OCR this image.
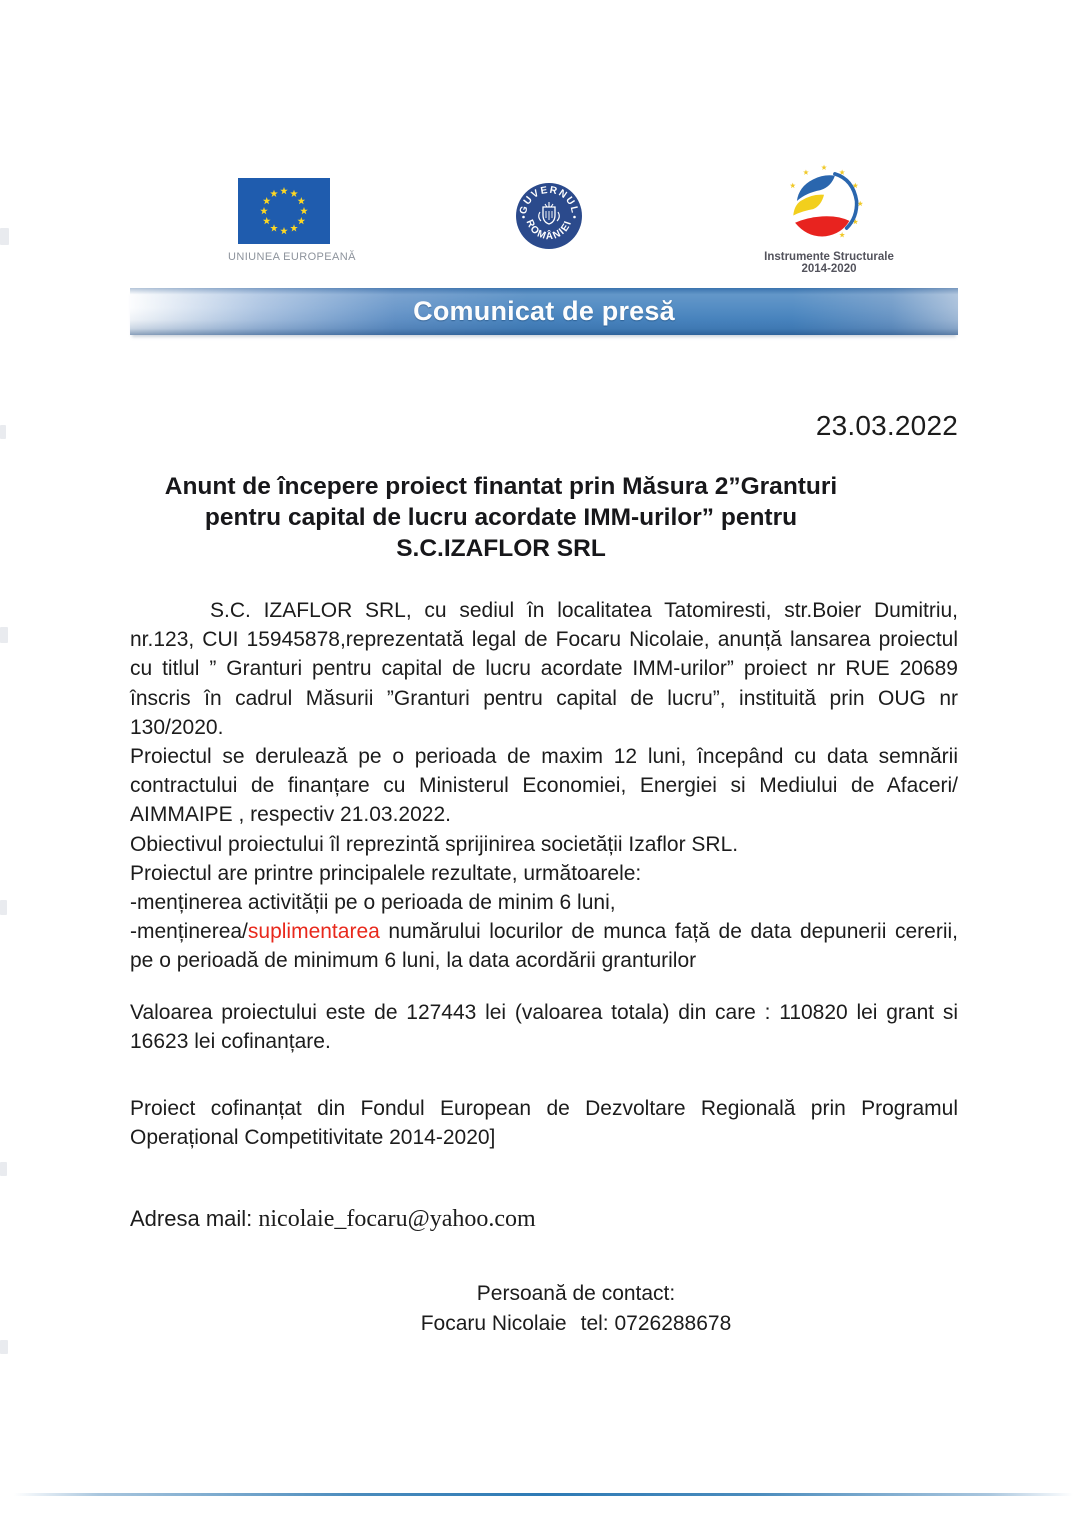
UNIUNEA EUROPEANĂ
GUVERNUL
ROMÂNIEI
Instrumente Structurale
2014-2020
Comunicat de presă
23.03.2022
Anunt de începere proiect finantat prin Măsura 2”Granturi
pentru capital de lucru acordate IMM-urilor” pentru
S.C.IZAFLOR SRL

S.C. IZAFLOR SRL, cu sediul în localitatea Tatomiresti, str.Boier Dumitriu, nr.123, CUI 15945878,reprezentată legal de Focaru Nicolaie, anunță lansarea proiectul cu titlul ” Granturi pentru capital de lucru acordate IMM-urilor” proiect nr RUE 20689 înscris în cadrul Măsurii ”Granturi pentru capital de lucru”, instituită prin OUG nr 130/2020.

Proiectul se derulează pe o perioada de maxim 12 luni, începând cu data semnării contractului de finanțare cu Ministerul Economiei, Energiei si Mediului de Afaceri/ AIMMAIPE , respectiv 21.03.2022.

Obiectivul proiectului îl reprezintă sprijinirea societății Izaflor SRL.

Proiectul are printre principalele rezultate, următoarele:

-menținerea activității pe o perioada de minim 6 luni,

-menținerea/suplimentarea numărului locurilor de munca față de data depunerii cererii, pe o perioadă de minimum 6 luni, la data acordării granturilor

Valoarea proiectului este de 127443 lei (valoarea totala) din care : 110820 lei grant si 16623 lei cofinanțare.

Proiect cofinanțat din Fondul European de Dezvoltare Regională prin Programul Operațional Competitivitate 2014-2020]

Adresa mail: nicolaie_focaru@yahoo.com
Persoană de contact:
Focaru Nicolaie tel: 0726288678
